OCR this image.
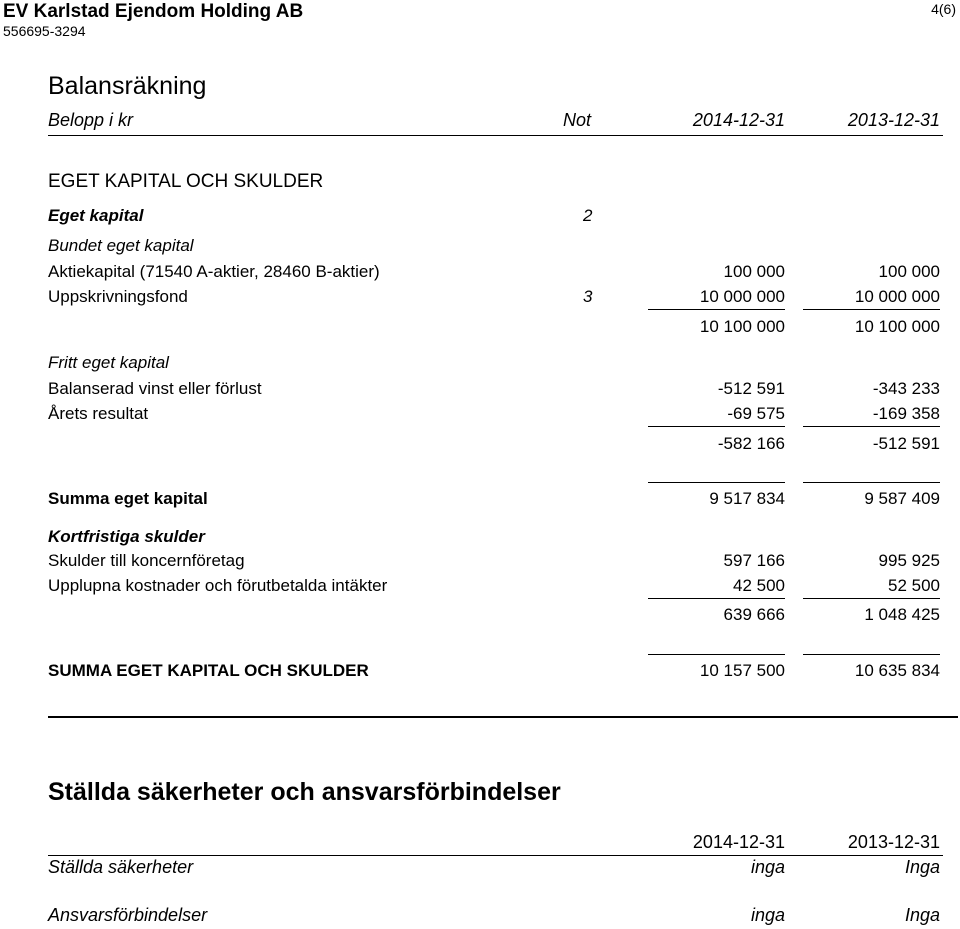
EV Karlstad Ejendom Holding AB
556695-3294
4(6)
Balansräkning
Belopp i kr	Not	2014-12-31	2013-12-31
EGET KAPITAL OCH SKULDER
Eget kapital	2
Bundet eget kapital
Aktiekapital (71540 A-aktier, 28460 B-aktier)	100 000	100 000
Uppskrivningsfond	3	10 000 000	10 000 000
10 100 000	10 100 000
Fritt eget kapital
Balanserad vinst eller förlust	-512 591	-343 233
Årets resultat	-69 575	-169 358
-582 166	-512 591
Summa eget kapital	9 517 834	9 587 409
Kortfristiga skulder
Skulder till koncernföretag	597 166	995 925
Upplupna kostnader och förutbetalda intäkter	42 500	52 500
639 666	1 048 425
SUMMA EGET KAPITAL OCH SKULDER	10 157 500	10 635 834
Ställda säkerheter och ansvarsförbindelser
2014-12-31	2013-12-31
Ställda säkerheter	inga	Inga
Ansvarsförbindelser	inga	Inga
